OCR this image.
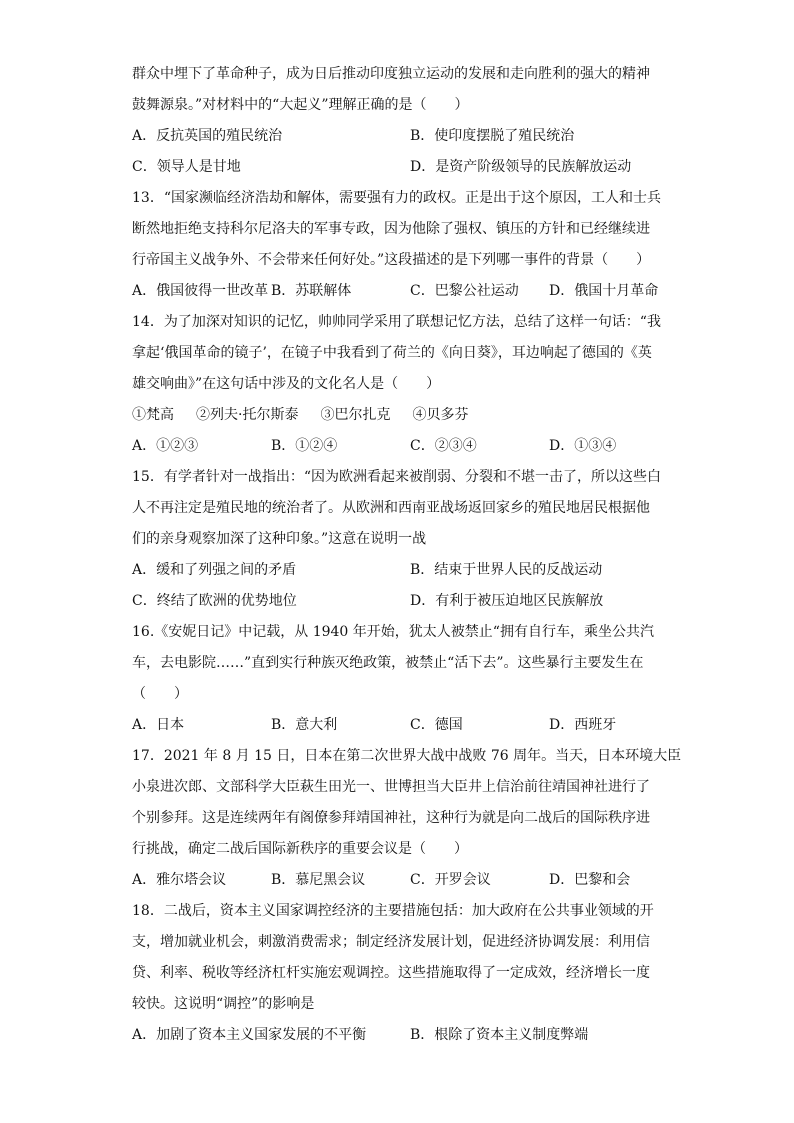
群众中埋下了革命种子，成为日后推动印度独立运动的发展和走向胜利的强大的精神
鼓舞源泉。”对材料中的“大起义”理解正确的是（　　）
A．反抗英国的殖民统治	B．使印度摆脱了殖民统治
C．领导人是甘地	D．是资产阶级领导的民族解放运动
13．“国家濒临经济浩劫和解体，需要强有力的政权。正是出于这个原因，工人和士兵
断然地拒绝支持科尔尼洛夫的军事专政，因为他除了强权、镇压的方针和已经继续进
行帝国主义战争外、不会带来任何好处。”这段描述的是下列哪一事件的背景（　　）
A．俄国彼得一世改革 B．苏联解体	C．巴黎公社运动	D．俄国十月革命
14．为了加深对知识的记忆，帅帅同学采用了联想记忆方法，总结了这样一句话：“我
拿起‘俄国革命的镜子’，在镜子中我看到了荷兰的《向日葵》，耳边响起了德国的《英
雄交响曲》”在这句话中涉及的文化名人是（　　）
①梵高 ②列夫·托尔斯泰 ③巴尔扎克 ④贝多芬
A．①②③	B．①②④	C．②③④	D．①③④
15．有学者针对一战指出：“因为欧洲看起来被削弱、分裂和不堪一击了，所以这些白
人不再注定是殖民地的统治者了。从欧洲和西南亚战场返回家乡的殖民地居民根据他
们的亲身观察加深了这种印象。”这意在说明一战
A．缓和了列强之间的矛盾	B．结束于世界人民的反战运动
C．终结了欧洲的优势地位	D．有利于被压迫地区民族解放
16.《安妮日记》中记载，从 1940 年开始，犹太人被禁止“拥有自行车，乘坐公共汽
车，去电影院……”直到实行种族灭绝政策，被禁止“活下去”。这些暴行主要发生在
（　　）
A．日本	B．意大利	C．德国	D．西班牙
17．2021 年 8 月 15 日，日本在第二次世界大战中战败 76 周年。当天，日本环境大臣
小泉进次郎、文部科学大臣萩生田光一、世博担当大臣井上信治前往靖国神社进行了
个别参拜。这是连续两年有阁僚参拜靖国神社，这种行为就是向二战后的国际秩序进
行挑战，确定二战后国际新秩序的重要会议是（　　）
A．雅尔塔会议	B．慕尼黑会议	C．开罗会议	D．巴黎和会
18．二战后，资本主义国家调控经济的主要措施包括：加大政府在公共事业领域的开
支，增加就业机会，刺激消费需求；制定经济发展计划，促进经济协调发展：利用信
贷、利率、税收等经济杠杆实施宏观调控。这些措施取得了一定成效，经济增长一度
较快。这说明“调控”的影响是
A．加剧了资本主义国家发展的不平衡	B．根除了资本主义制度弊端
